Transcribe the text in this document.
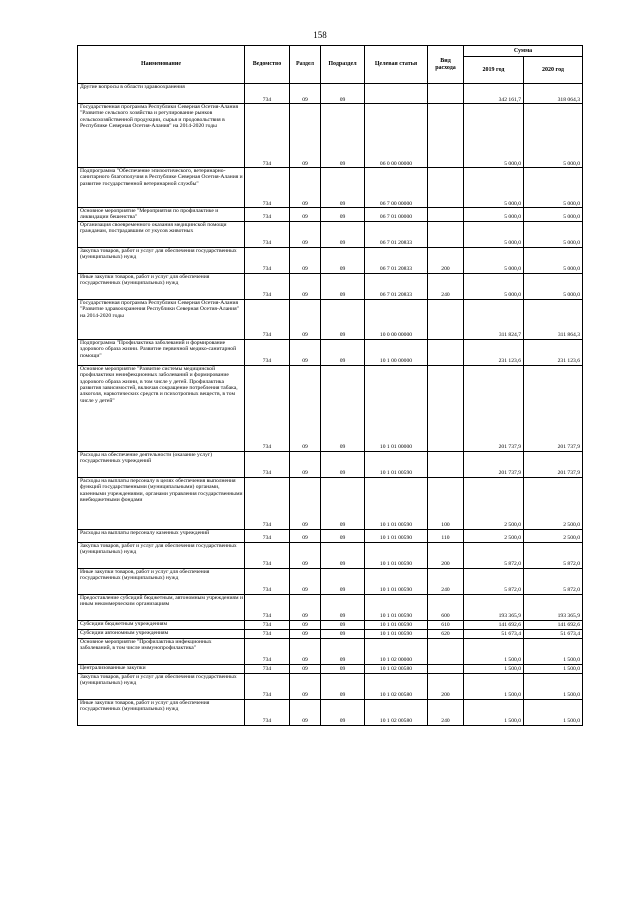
158
Наименование	Ведомство	Раздел	Подраздел	Целевая статья	Вид расхода	Сумма	
						2019 год	2020 год
Другие вопросы в области здравоохранения	734	09	09			342 161,7	318 064,3
Государственная программа Республики Северная Осетия-Алания "Развитие сельского хозяйства и регулирование рынков сельскохозяйственной продукции, сырья и продовольствия в Республике Северная Осетия-Алания" на 2014-2020 годы	734	09	09	06 0 00 00000		5 000,0	5 000,0
Подпрограмма "Обеспечение эпизоотического, ветеринарно-санитарного благополучия в Республике Северная Осетия-Алания и развитие государственной ветеринарной службы"	734	09	09	06 7 00 00000		5 000,0	5 000,0
Основное мероприятие "Мероприятия по профилактике и ликвидации бешенства"	734	09	09	06 7 01 00000		5 000,0	5 000,0
Организация своевременного оказания медицинской помощи гражданам, пострадавшим от укусов животных	734	09	09	06 7 01 20833		5 000,0	5 000,0
Закупка товаров, работ и услуг для обеспечения государственных (муниципальных) нужд	734	09	09	06 7 01 20833	200	5 000,0	5 000,0
Иные закупки товаров, работ и услуг для обеспечения государственных (муниципальных) нужд	734	09	09	06 7 01 20833	240	5 000,0	5 000,0
Государственная программа Республики Северная Осетия-Алания "Развитие здравоохранения Республики Северная Осетия-Алания" на 2014-2020 годы	734	09	09	10 0 00 00000		311 824,7	311 864,3
Подпрограмма "Профилактика заболеваний и формирование здорового образа жизни. Развитие первичной медико-санитарной помощи"	734	09	09	10 1 00 00000		231 123,6	231 123,6
Основное мероприятие "Развитие системы медицинской профилактики неинфекционных заболеваний и формирование здорового образа жизни, в том числе у детей. Профилактика развития зависимостей, включая сокращение потребления табака, алкоголя, наркотических средств и психотропных веществ, в том числе у детей"	734	09	09	10 1 01 00000		201 737,9	201 737,9
Расходы на обеспечение деятельности (оказание услуг) государственных учреждений	734	09	09	10 1 01 00590		201 737,9	201 737,9
Расходы на выплаты персоналу в целях обеспечения выполнения функций государственными (муниципальными) органами, казенными учреждениями, органами управления государственными внебюджетными фондами	734	09	09	10 1 01 00590	100	2 500,0	2 500,0
Расходы на выплаты персоналу казенных учреждений	734	09	09	10 1 01 00590	110	2 500,0	2 500,0
Закупка товаров, работ и услуг для обеспечения государственных (муниципальных) нужд	734	09	09	10 1 01 00590	200	5 872,0	5 872,0
Иные закупки товаров, работ и услуг для обеспечения государственных (муниципальных) нужд	734	09	09	10 1 01 00590	240	5 872,0	5 872,0
Предоставление субсидий бюджетным, автономным учреждениям и иным некоммерческим организациям	734	09	09	10 1 01 00590	600	193 365,9	193 365,9
Субсидии бюджетным учреждениям	734	09	09	10 1 01 00590	610	141 692,6	141 692,6
Субсидии автономным учреждениям	734	09	09	10 1 01 00590	620	51 673,4	51 673,4
Основное мероприятие "Профилактика инфекционных заболеваний, в том числе иммунопрофилактика"	734	09	09	10 1 02 00000		1 500,0	1 500,0
Централизованные закупки	734	09	09	10 1 02 00580		1 500,0	1 500,0
Закупка товаров, работ и услуг для обеспечения государственных (муниципальных) нужд	734	09	09	10 1 02 00580	200	1 500,0	1 500,0
Иные закупки товаров, работ и услуг для обеспечения государственных (муниципальных) нужд	734	09	09	10 1 02 00580	240	1 500,0	1 500,0
